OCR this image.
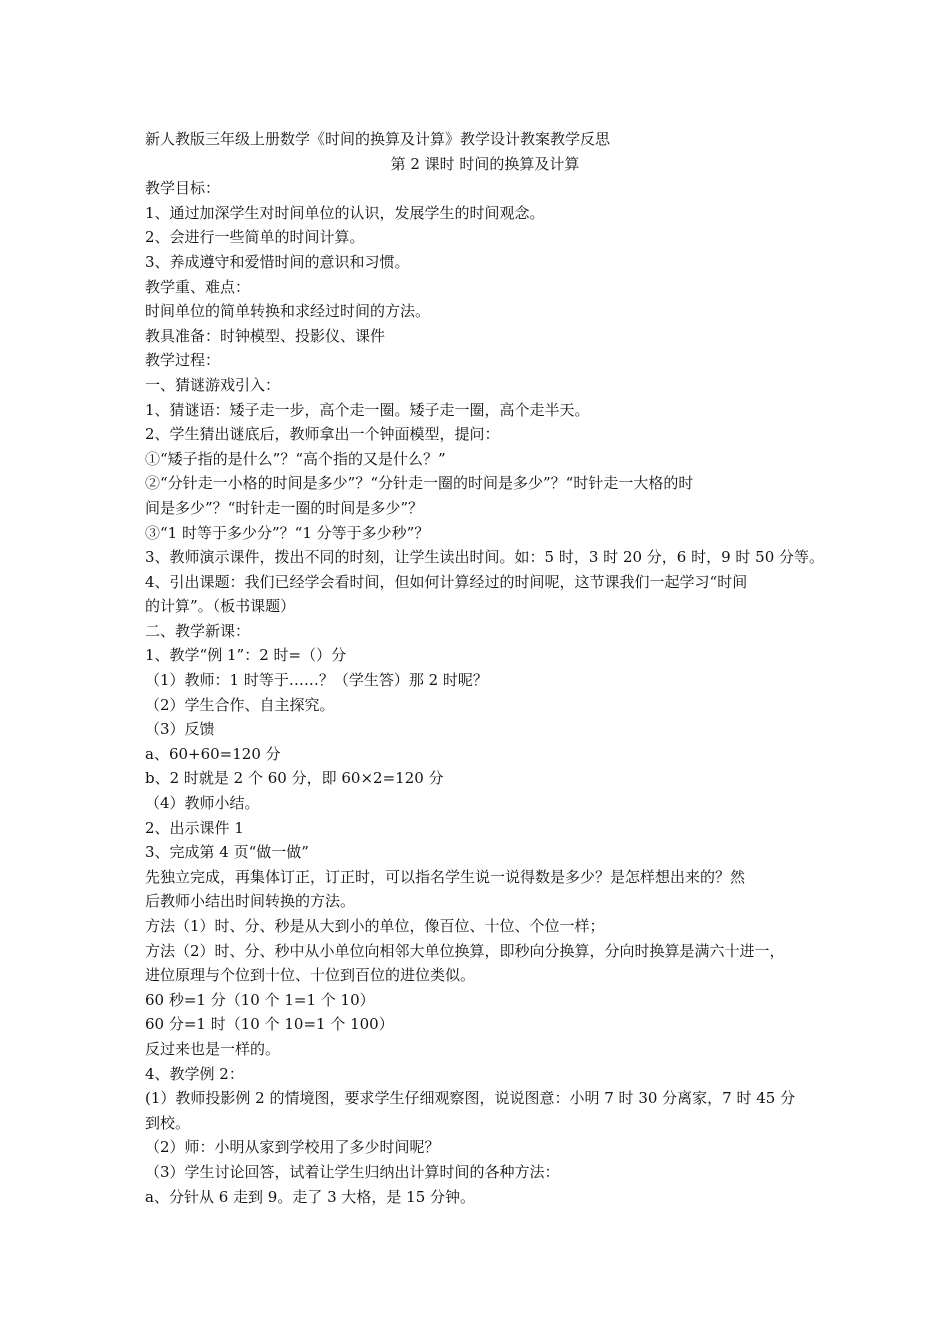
新人教版三年级上册数学《时间的换算及计算》教学设计教案教学反思

第 2 课时 时间的换算及计算

教学目标：

1、通过加深学生对时间单位的认识，发展学生的时间观念。

2、会进行一些简单的时间计算。

3、养成遵守和爱惜时间的意识和习惯。

教学重、难点：

时间单位的简单转换和求经过时间的方法。

教具准备：时钟模型、投影仪、课件

教学过程：

一、猜谜游戏引入：

1、猜谜语：矮子走一步，高个走一圈。矮子走一圈，高个走半天。

2、学生猜出谜底后，教师拿出一个钟面模型，提问：

①“矮子指的是什么”？“高个指的又是什么？”

②“分针走一小格的时间是多少”？“分针走一圈的时间是多少”？“时针走一大格的时

间是多少”？“时针走一圈的时间是多少”？

③“1 时等于多少分”？“1 分等于多少秒”？

3、教师演示课件，拨出不同的时刻，让学生读出时间。如：5 时，3 时 20 分，6 时，9 时 50 分等。

4、引出课题：我们已经学会看时间，但如何计算经过的时间呢，这节课我们一起学习“时间

的计算”。（板书课题）

二、教学新课：

1、教学“例 1”：2 时=（）分

（1）教师：1 时等于……？（学生答）那 2 时呢？

（2）学生合作、自主探究。

（3）反馈

a、60+60=120 分

b、2 时就是 2 个 60 分，即 60×2=120 分

（4）教师小结。

2、出示课件 1

3、完成第 4 页“做一做”

先独立完成，再集体订正，订正时，可以指名学生说一说得数是多少？是怎样想出来的？然

后教师小结出时间转换的方法。

方法（1）时、分、秒是从大到小的单位，像百位、十位、个位一样；

方法（2）时、分、秒中从小单位向相邻大单位换算，即秒向分换算，分向时换算是满六十进一，

进位原理与个位到十位、十位到百位的进位类似。

60 秒=1 分（10 个 1=1 个 10）

60 分=1 时（10 个 10=1 个 100）

反过来也是一样的。

4、教学例 2：

(1）教师投影例 2 的情境图，要求学生仔细观察图，说说图意：小明 7 时 30 分离家，7 时 45 分

到校。

（2）师：小明从家到学校用了多少时间呢？

（3）学生讨论回答，试着让学生归纳出计算时间的各种方法：

a、分针从 6 走到 9。走了 3 大格，是 15 分钟。
